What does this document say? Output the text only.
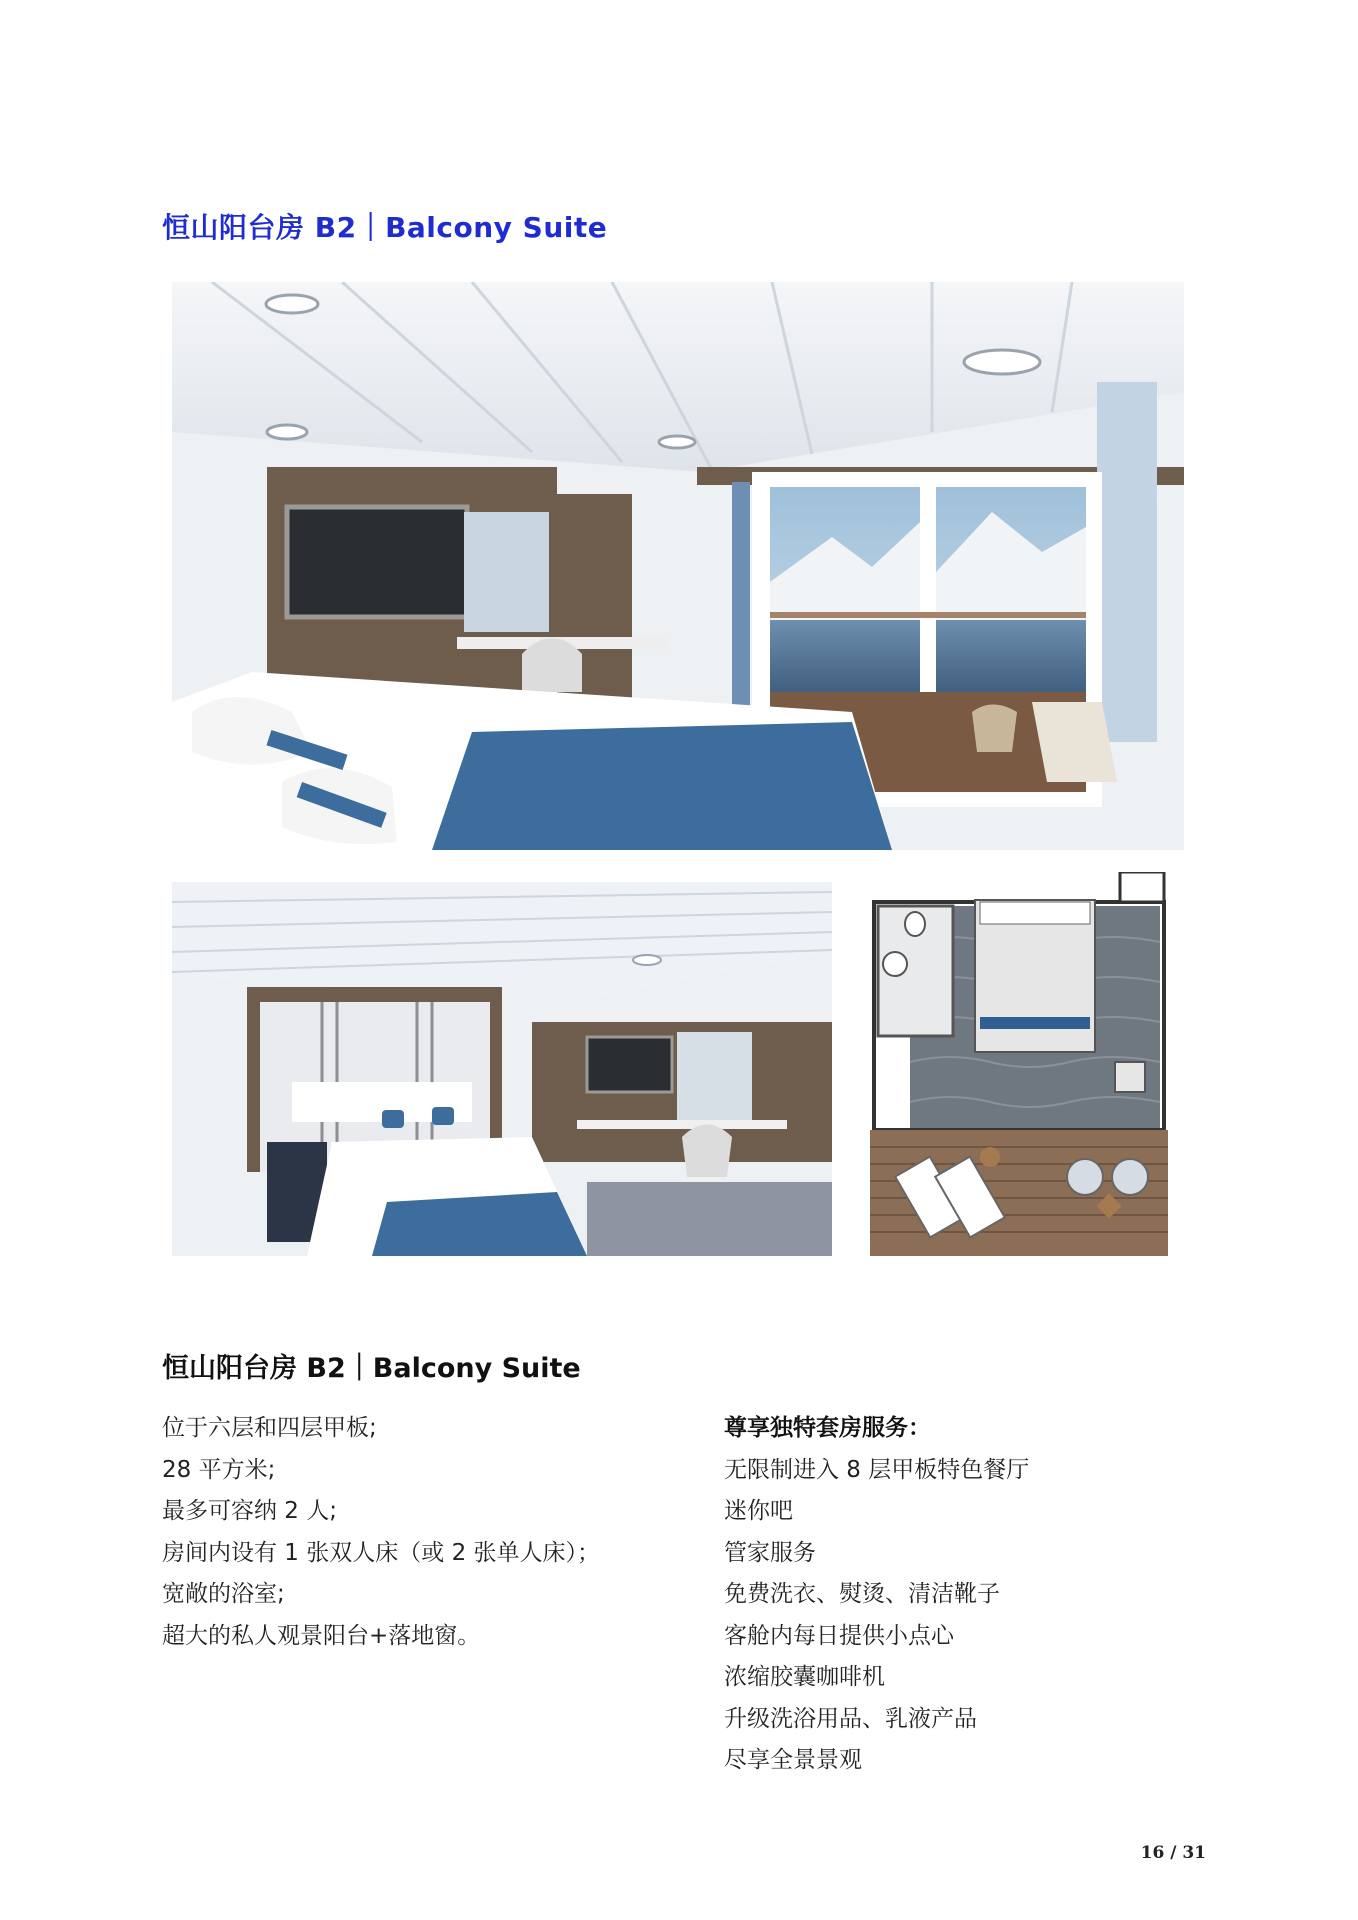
恒山阳台房 B2｜Balcony Suite
恒山阳台房 B2｜Balcony Suite
位于六层和四层甲板;
28 平方米;
最多可容纳 2 人;
房间内设有 1 张双人床（或 2 张单人床）；
宽敞的浴室;
超大的私人观景阳台+落地窗。
尊享独特套房服务：
无限制进入 8 层甲板特色餐厅
迷你吧
管家服务
免费洗衣、熨烫、清洁靴子
客舱内每日提供小点心
浓缩胶囊咖啡机
升级洗浴用品、乳液产品
尽享全景景观
16 / 31
